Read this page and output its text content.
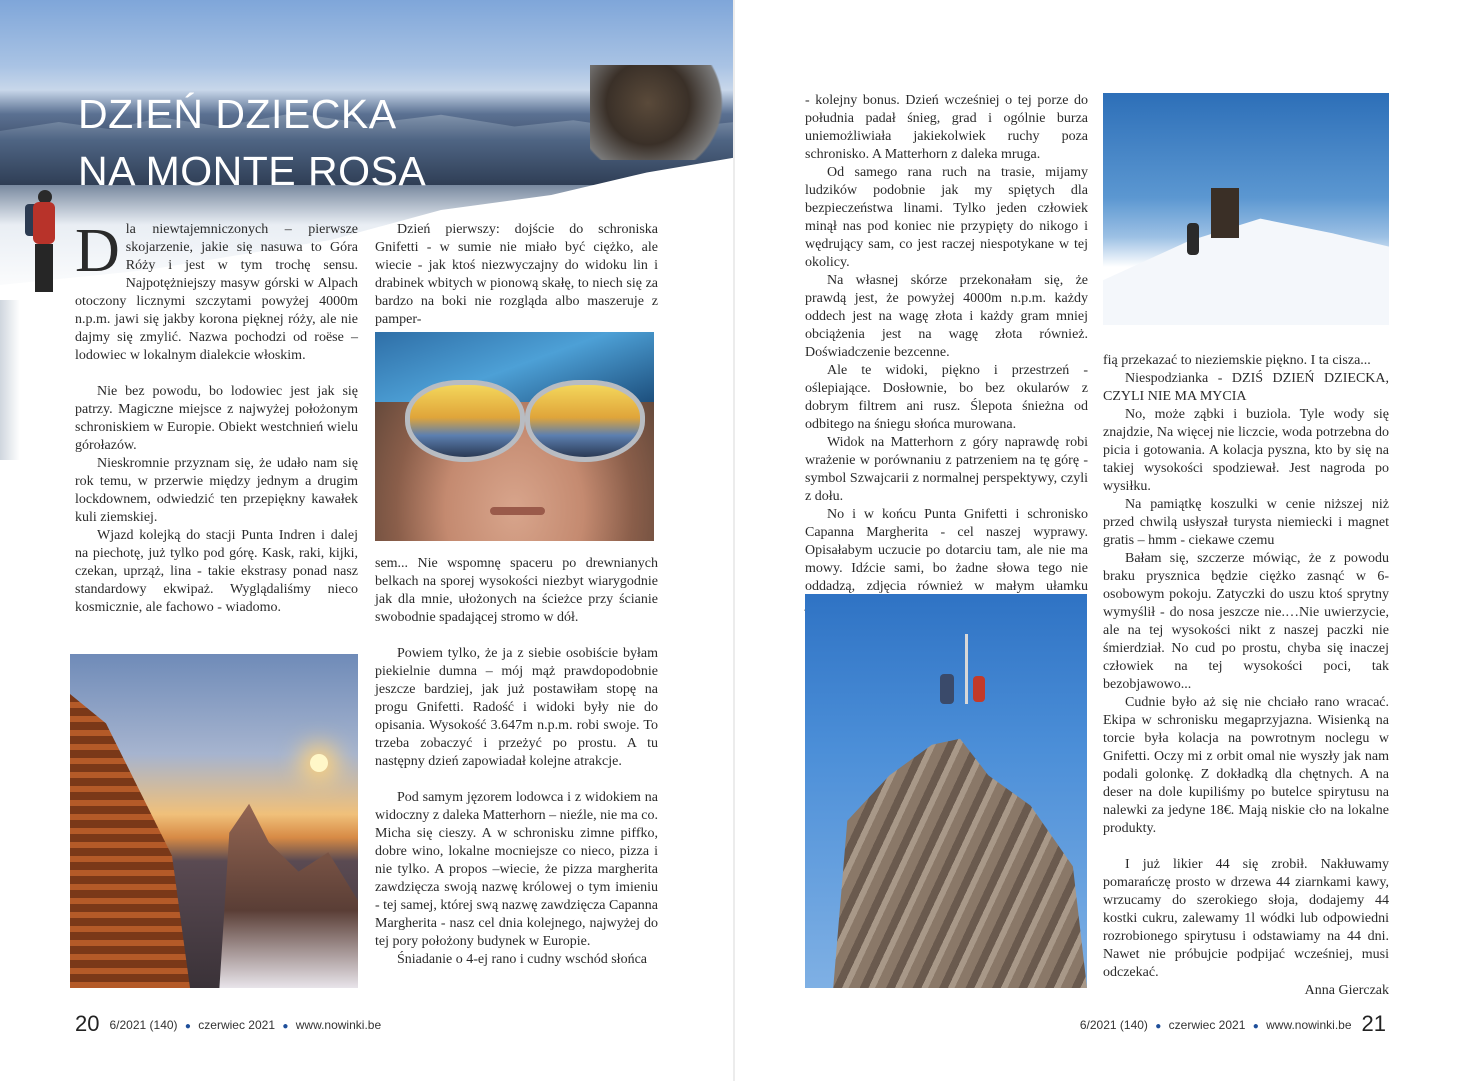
DZIEŃ DZIECKA
NA MONTE ROSA

Dla niewtajemniczonych – pierwsze skojarzenie, jakie się nasuwa to Góra Róży i jest w tym trochę sensu. Najpotężniejszy masyw górski w Alpach otoczony licznymi szczytami powyżej 4000m n.p.m. jawi się jakby korona pięknej róży, ale nie dajmy się zmylić. Nazwa pochodzi od roëse – lodowiec w lokalnym dialekcie włoskim.

Nie bez powodu, bo lodowiec jest jak się patrzy. Magiczne miejsce z najwyżej położonym schroniskiem w Europie. Obiekt westchnień wielu górołazów.

Nieskromnie przyznam się, że udało nam się rok temu, w przerwie między jednym a drugim lockdownem, odwiedzić ten przepiękny kawałek kuli ziemskiej.

Wjazd kolejką do stacji Punta Indren i dalej na piechotę, już tylko pod górę. Kask, raki, kijki, czekan, uprząż, lina - takie ekstrasy ponad nasz standardowy ekwipaż. Wyglądaliśmy nieco kosmicznie, ale fachowo - wiadomo.

Dzień pierwszy: dojście do schroniska Gnifetti - w sumie nie miało być ciężko, ale wiecie - jak ktoś niezwyczajny do widoku lin i drabinek wbitych w pionową skałę, to niech się za bardzo na boki nie rozgląda albo maszeruje z pamper-

sem... Nie wspomnę spaceru po drewnianych belkach na sporej wysokości niezbyt wiarygodnie jak dla mnie, ułożonych na ścieżce przy ścianie swobodnie spadającej stromo w dół.

Powiem tylko, że ja z siebie osobiście byłam piekielnie dumna – mój mąż prawdopodobnie jeszcze bardziej, jak już postawiłam stopę na progu Gnifetti. Radość i widoki były nie do opisania. Wysokość 3.647m n.p.m. robi swoje. To trzeba zobaczyć i przeżyć po prostu. A tu następny dzień zapowiadał kolejne atrakcje.

Pod samym jęzorem lodowca i z widokiem na widoczny z daleka Matterhorn – nieźle, nie ma co. Micha się cieszy. A w schronisku zimne piffko, dobre wino, lokalne mocniejsze co nieco, pizza i nie tylko. A propos –wiecie, że pizza margherita zawdzięcza swoją nazwę królowej o tym imieniu - tej samej, której swą nazwę zawdzięcza Capanna Margherita - nasz cel dnia kolejnego, najwyżej do tej pory położony budynek w Europie.

Śniadanie o 4-ej rano i cudny wschód słońca

20 6/2021 (140) ● czerwiec 2021 ● www.nowinki.be

- kolejny bonus. Dzień wcześniej o tej porze do południa padał śnieg, grad i ogólnie burza uniemożliwiała jakiekolwiek ruchy poza schronisko. A Matterhorn z daleka mruga.

Od samego rana ruch na trasie, mijamy ludzików podobnie jak my spiętych dla bezpieczeństwa linami. Tylko jeden człowiek minął nas pod koniec nie przypięty do nikogo i wędrujący sam, co jest raczej niespotykane w tej okolicy.

Na własnej skórze przekonałam się, że prawdą jest, że powyżej 4000m n.p.m. każdy oddech jest na wagę złota i każdy gram mniej obciążenia jest na wagę złota również. Doświadczenie bezcenne.

Ale te widoki, piękno i przestrzeń - oślepiające. Dosłownie, bo bez okularów z dobrym filtrem ani rusz. Ślepota śnieżna od odbitego na śniegu słońca murowana.

Widok na Matterhorn z góry naprawdę robi wrażenie w porównaniu z patrzeniem na tę górę - symbol Szwajcarii z normalnej perspektywy, czyli z dołu.

No i w końcu Punta Gnifetti i schronisko Capanna Margherita - cel naszej wyprawy. Opisałabym uczucie po dotarciu tam, ale nie ma mowy. Idźcie sami, bo żadne słowa tego nie oddadzą, zdjęcia również w małym ułamku

fią przekazać to nieziemskie piękno. I ta cisza...

Niespodzianka - DZIŚ DZIEŃ DZIECKA, CZYLI NIE MA MYCIA

No, może ząbki i buziola. Tyle wody się znajdzie, Na więcej nie liczcie, woda potrzebna do picia i gotowania. A kolacja pyszna, kto by się na takiej wysokości spodziewał. Jest nagroda po wysiłku.

Na pamiątkę koszulki w cenie niższej niż przed chwilą usłyszał turysta niemiecki i magnet gratis – hmm - ciekawe czemu

Bałam się, szczerze mówiąc, że z powodu braku prysznica będzie ciężko zasnąć w 6-osobowym pokoju. Zatyczki do uszu ktoś sprytny wymyślił - do nosa jeszcze nie.…Nie uwierzycie, ale na tej wysokości nikt z naszej paczki nie śmierdział. No cud po prostu, chyba się inaczej człowiek na tej wysokości poci, tak bezobjawowo...

Cudnie było aż się nie chciało rano wracać. Ekipa w schronisku megaprzyjazna. Wisienką na torcie była kolacja na powrotnym noclegu w Gnifetti. Oczy mi z orbit omal nie wyszły jak nam podali golonkę. Z dokładką dla chętnych. A na deser na dole kupiliśmy po butelce spirytusu na nalewki za jedyne 18€. Mają niskie cło na lokalne produkty.

I już likier 44 się zrobił. Nakłuwamy pomarańczę prosto w drzewa 44 ziarnkami kawy, wrzucamy do szerokiego słoja, dodajemy 44 kostki cukru, zalewamy 1l wódki lub odpowiedni rozrobionego spirytusu i odstawiamy na 44 dni. Nawet nie próbujcie podpijać wcześniej, musi odczekać.

Anna Gierczak

6/2021 (140) ● czerwiec 2021 ● www.nowinki.be 21
